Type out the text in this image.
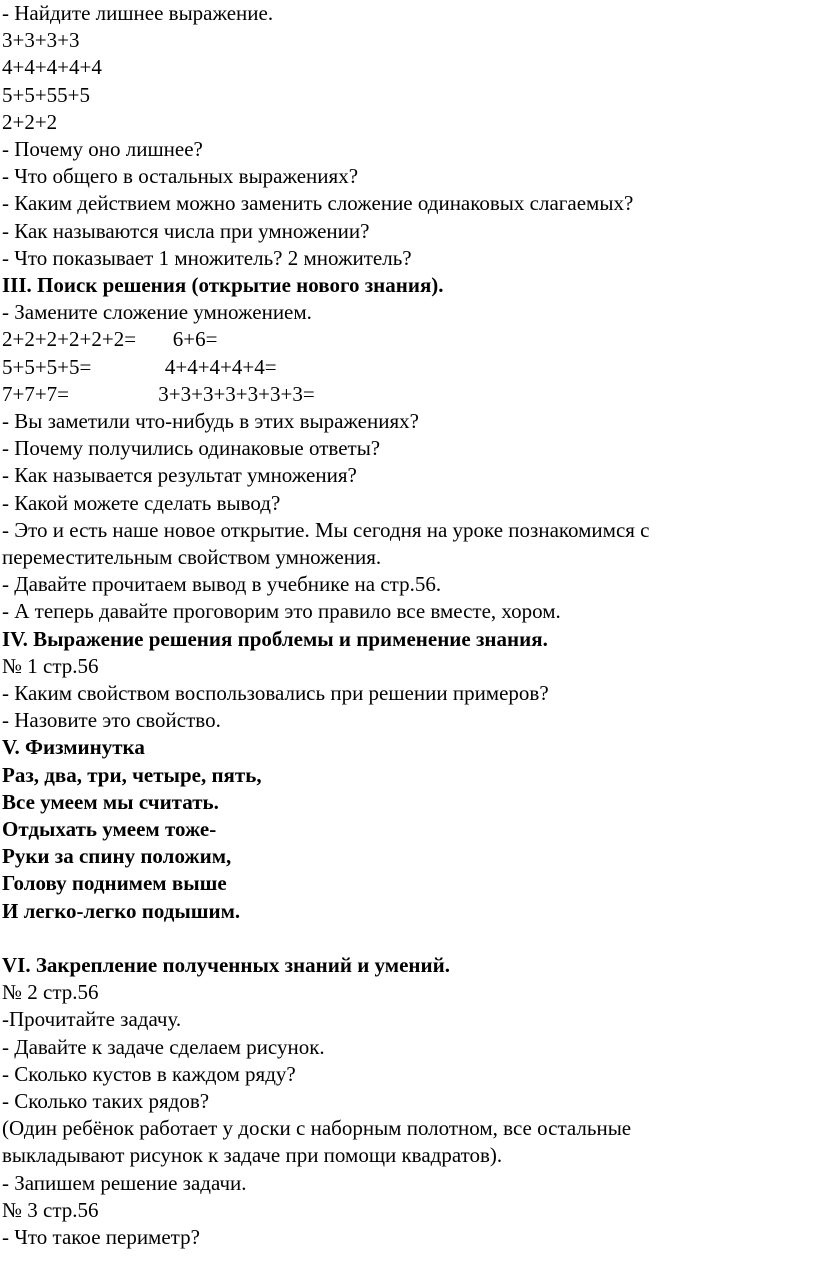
- Найдите лишнее выражение.
3+3+3+3
4+4+4+4+4
5+5+55+5
2+2+2
- Почему оно лишнее?
- Что общего в остальных выражениях?
- Каким действием можно заменить сложение одинаковых слагаемых?
- Как называются числа при умножении?
- Что показывает 1 множитель? 2 множитель?
III. Поиск решения (открытие нового знания).
- Замените сложение умножением.
2+2+2+2+2+2=       6+6=
5+5+5+5=              4+4+4+4+4=
7+7+7=                 3+3+3+3+3+3+3=
- Вы заметили что-нибудь в этих выражениях?
- Почему получились одинаковые ответы?
- Как называется результат умножения?
- Какой можете сделать вывод?
- Это и есть наше новое открытие. Мы сегодня на уроке познакомимся с
переместительным свойством умножения.
- Давайте прочитаем вывод в учебнике на стр.56.
- А теперь давайте проговорим это правило все вместе, хором.
IV. Выражение решения проблемы и применение знания.
№ 1 стр.56
- Каким свойством воспользовались при решении примеров?
- Назовите это свойство.
V. Физминутка
Раз, два, три, четыре, пять,
Все умеем мы считать.
Отдыхать умеем тоже-
Руки за спину положим,
Голову поднимем выше
И легко-легко подышим.
VI. Закрепление полученных знаний и умений.
№ 2 стр.56
-Прочитайте задачу.
- Давайте к задаче сделаем рисунок.
- Сколько кустов в каждом ряду?
- Сколько таких рядов?
(Один ребёнок работает у доски с наборным полотном, все остальные
выкладывают рисунок к задаче при помощи квадратов).
- Запишем решение задачи.
№ 3 стр.56
- Что такое периметр?
